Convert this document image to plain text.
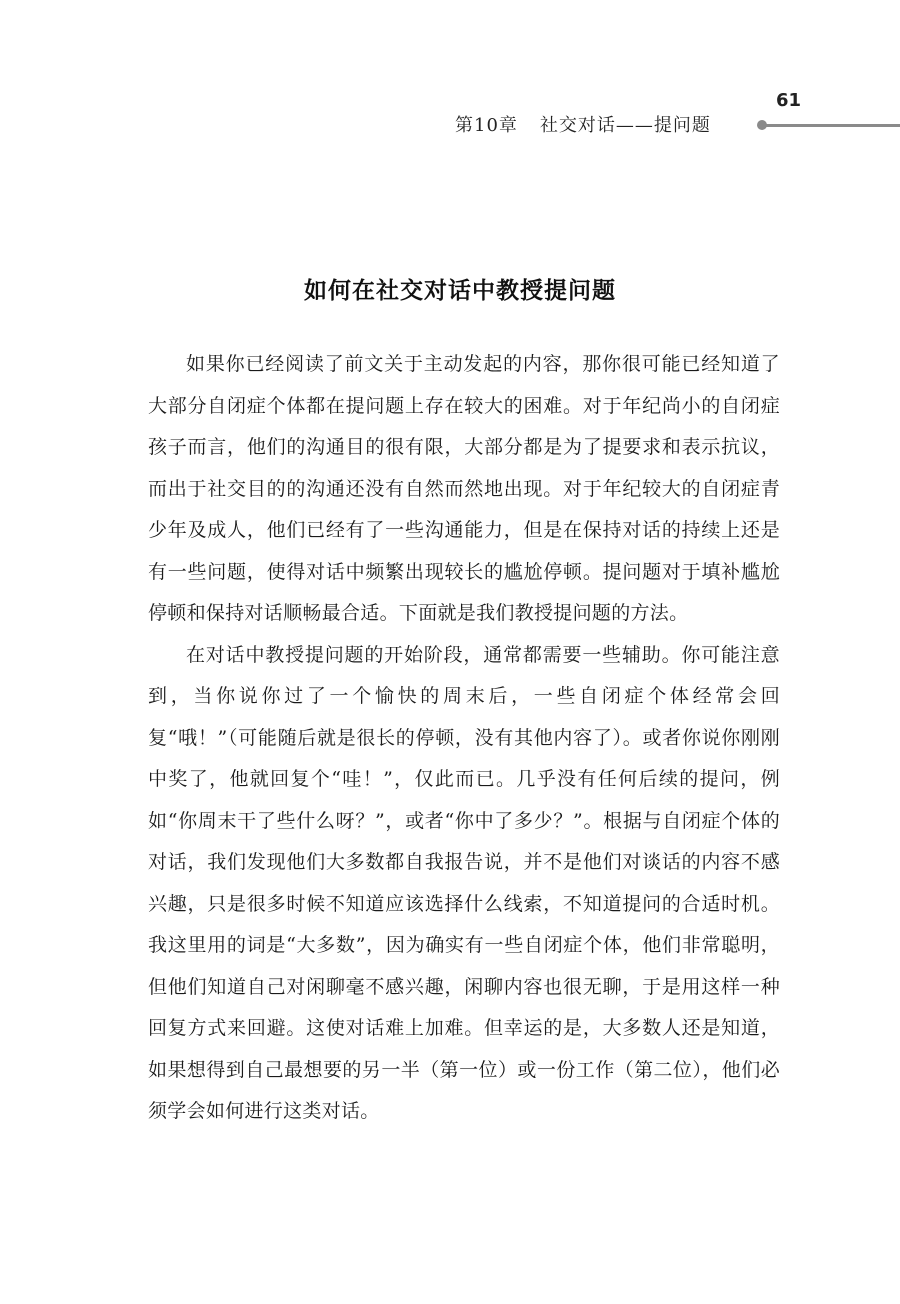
61
第10章 社交对话——提问题
如何在社交对话中教授提问题

如果你已经阅读了前文关于主动发起的内容，那你很可能已经知道了大部分自闭症个体都在提问题上存在较大的困难。对于年纪尚小的自闭症孩子而言，他们的沟通目的很有限，大部分都是为了提要求和表示抗议，而出于社交目的的沟通还没有自然而然地出现。对于年纪较大的自闭症青少年及成人，他们已经有了一些沟通能力，但是在保持对话的持续上还是有一些问题，使得对话中频繁出现较长的尴尬停顿。提问题对于填补尴尬停顿和保持对话顺畅最合适。下面就是我们教授提问题的方法。

在对话中教授提问题的开始阶段，通常都需要一些辅助。你可能注意到，当你说你过了一个愉快的周末后，一些自闭症个体经常会回复“哦！”（可能随后就是很长的停顿，没有其他内容了）。或者你说你刚刚中奖了，他就回复个“哇！”，仅此而已。几乎没有任何后续的提问，例如“你周末干了些什么呀？”，或者“你中了多少？”。根据与自闭症个体的对话，我们发现他们大多数都自我报告说，并不是他们对谈话的内容不感兴趣，只是很多时候不知道应该选择什么线索，不知道提问的合适时机。我这里用的词是“大多数”，因为确实有一些自闭症个体，他们非常聪明，但他们知道自己对闲聊毫不感兴趣，闲聊内容也很无聊，于是用这样一种回复方式来回避。这使对话难上加难。但幸运的是，大多数人还是知道，如果想得到自己最想要的另一半（第一位）或一份工作（第二位），他们必须学会如何进行这类对话。
